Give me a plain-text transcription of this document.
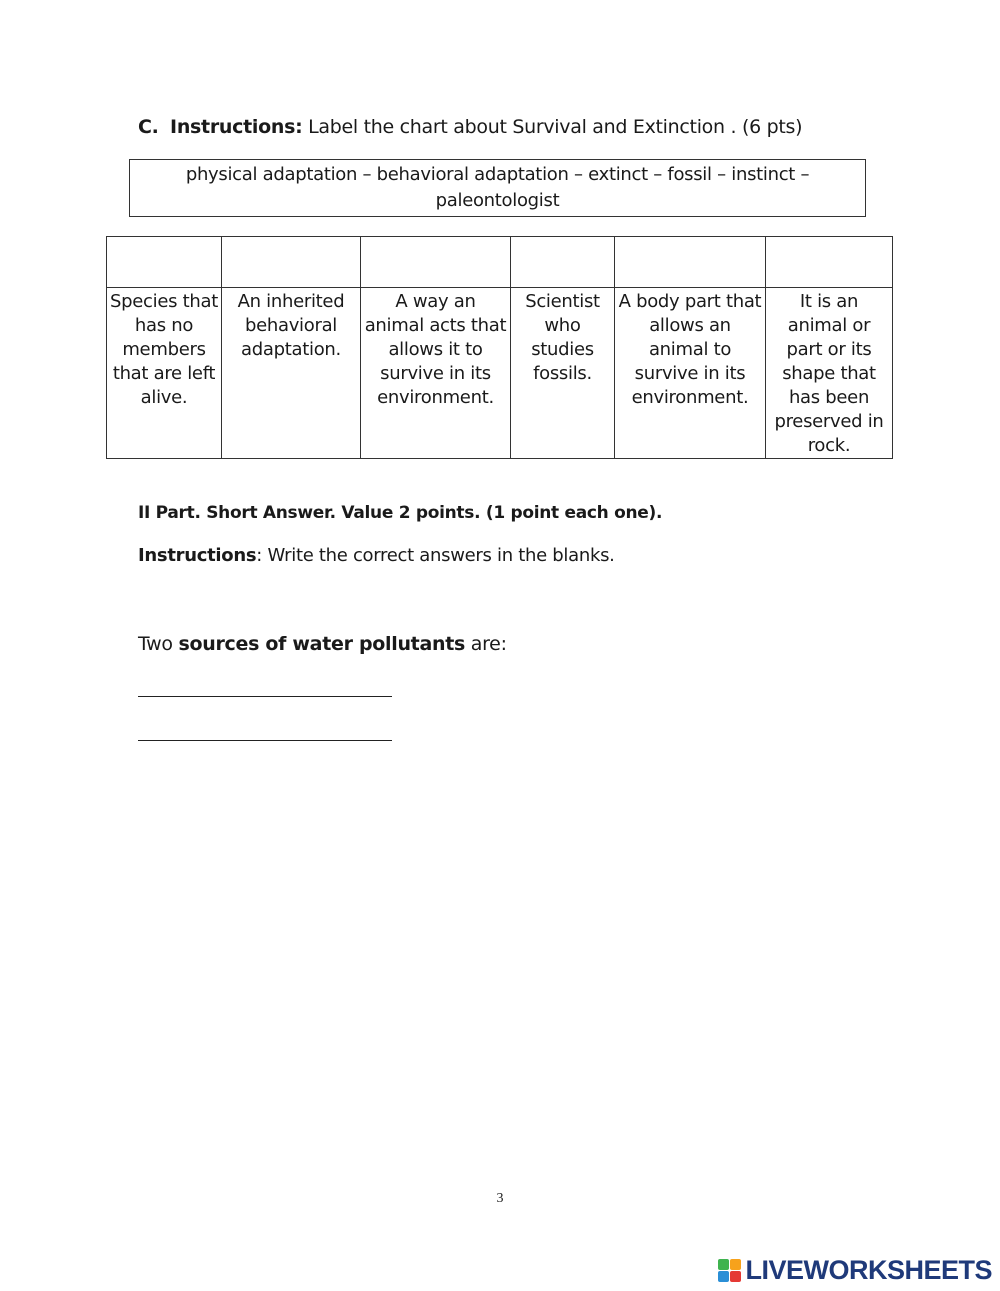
C. Instructions: Label the chart about Survival and Extinction . (6 pts)
physical adaptation – behavioral adaptation – extinct – fossil – instinct – paleontologist

Species that has no members that are left alive.	An inherited behavioral adaptation.	A way an animal acts that allows it to survive in its environment.	Scientist who studies fossils.	A body part that allows an animal to survive in its environment.	It is an animal or part or its shape that has been preserved in rock.
II Part. Short Answer. Value 2 points. (1 point each one).
Instructions: Write the correct answers in the blanks.
Two sources of water pollutants are:
3
LIVEWORKSHEETS
